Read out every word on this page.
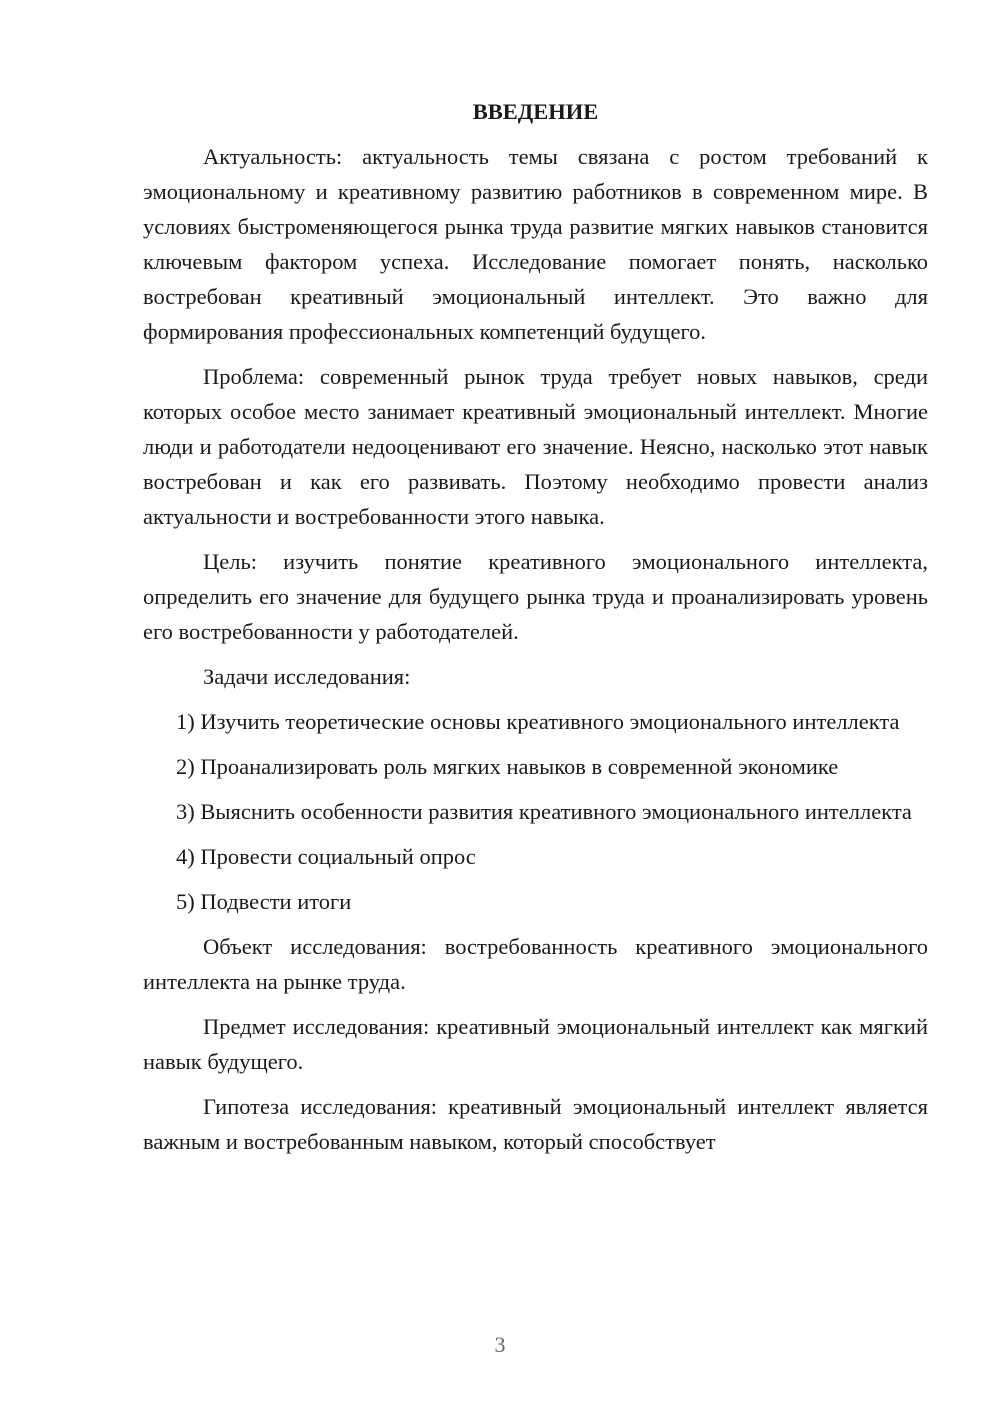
ВВЕДЕНИЕ

Актуальность: актуальность темы связана с ростом требований к эмоциональному и креативному развитию работников в современном мире. В условиях быстроменяющегося рынка труда развитие мягких навыков становится ключевым фактором успеха. Исследование помогает понять, насколько востребован креативный эмоциональный интеллект. Это важно для формирования профессиональных компетенций будущего.

Проблема: современный рынок труда требует новых навыков, среди которых особое место занимает креативный эмоциональный интеллект. Многие люди и работодатели недооценивают его значение. Неясно, насколько этот навык востребован и как его развивать. Поэтому необходимо провести анализ актуальности и востребованности этого навыка.

Цель: изучить понятие креативного эмоционального интеллекта, определить его значение для будущего рынка труда и проанализировать уровень его востребованности у работодателей.

Задачи исследования:

1) Изучить теоретические основы креативного эмоционального интеллекта

2) Проанализировать роль мягких навыков в современной экономике

3) Выяснить особенности развития креативного эмоционального интеллекта

4) Провести социальный опрос

5) Подвести итоги

Объект исследования: востребованность креативного эмоционального интеллекта на рынке труда.

Предмет исследования: креативный эмоциональный интеллект как мягкий навык будущего.

Гипотеза исследования: креативный эмоциональный интеллект является важным и востребованным навыком, который способствует

3
